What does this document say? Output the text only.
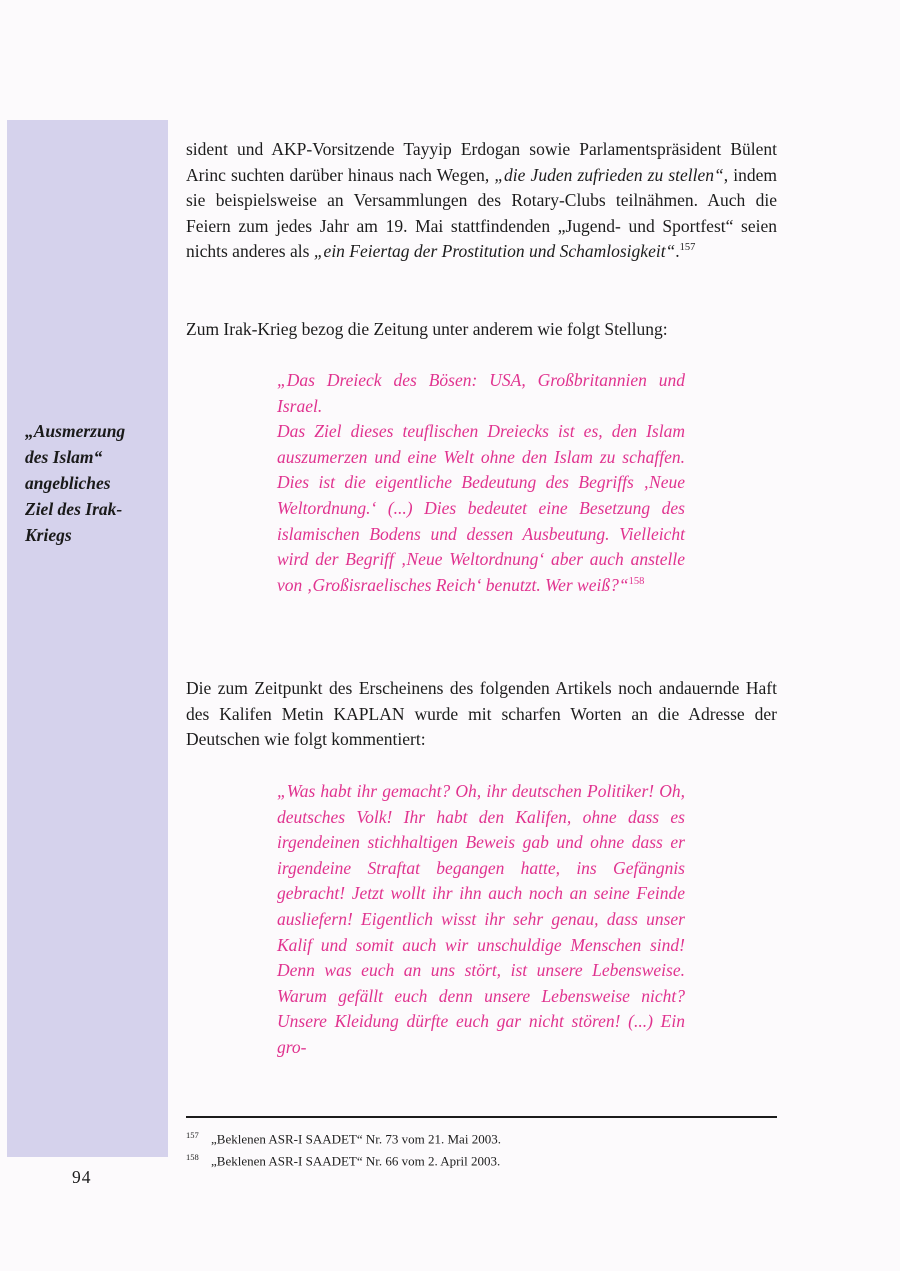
„Ausmerzung
des Islam“
angebliches
Ziel des Irak-
Kriegs
94

sident und AKP-Vorsitzende Tayyip Erdogan sowie Parlamentspräsident Bülent Arinc suchten darüber hinaus nach Wegen, „die Juden zufrieden zu stellen“, indem sie beispielsweise an Versammlungen des Rotary-Clubs teilnähmen. Auch die Feiern zum jedes Jahr am 19. Mai stattfindenden „Jugend- und Sportfest“ seien nichts anderes als „ein Feiertag der Prostitution und Schamlosigkeit“.$^{157}$

Zum Irak-Krieg bezog die Zeitung unter anderem wie folgt Stellung:

„Das Dreieck des Bösen: USA, Großbritannien und Israel.

Das Ziel dieses teuflischen Dreiecks ist es, den Islam auszumerzen und eine Welt ohne den Islam zu schaffen. Dies ist die eigentliche Bedeutung des Begriffs ‚Neue Weltordnung.‘ (...) Dies bedeutet eine Besetzung des islamischen Bodens und dessen Ausbeutung. Vielleicht wird der Begriff ‚Neue Weltordnung‘ aber auch anstelle von ‚Großisraelisches Reich‘ benutzt. Wer weiß?“$^{158}$

Die zum Zeitpunkt des Erscheinens des folgenden Artikels noch andauernde Haft des Kalifen Metin KAPLAN wurde mit scharfen Worten an die Adresse der Deutschen wie folgt kommentiert:

„Was habt ihr gemacht? Oh, ihr deutschen Politiker! Oh, deutsches Volk! Ihr habt den Kalifen, ohne dass es irgendeinen stichhaltigen Beweis gab und ohne dass er irgendeine Straftat begangen hatte, ins Gefängnis gebracht! Jetzt wollt ihr ihn auch noch an seine Feinde ausliefern! Eigentlich wisst ihr sehr genau, dass unser Kalif und somit auch wir unschuldige Menschen sind! Denn was euch an uns stört, ist unsere Lebensweise. Warum gefällt euch denn unsere Lebensweise nicht? Unsere Kleidung dürfte euch gar nicht stören! (...) Ein gro-

157 „Beklenen ASR-I SAADET“ Nr. 73 vom 21. Mai 2003.
158 „Beklenen ASR-I SAADET“ Nr. 66 vom 2. April 2003.
